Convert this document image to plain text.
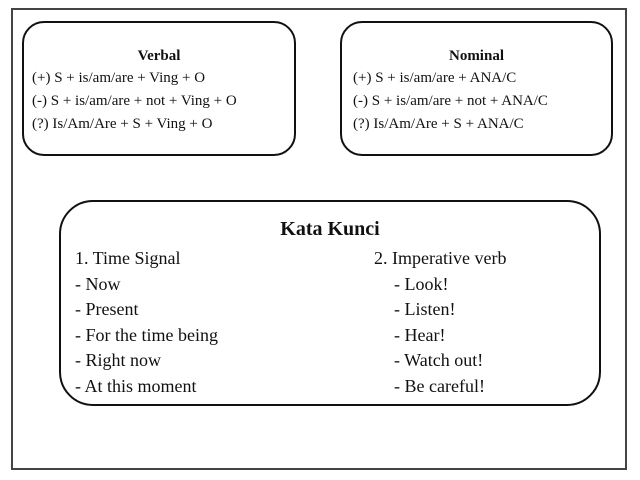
Verbal
(+) S + is/am/are + Ving + O
(-) S + is/am/are + not + Ving + O
(?) Is/Am/Are + S + Ving + O
Nominal
(+) S + is/am/are + ANA/C
(-) S + is/am/are + not + ANA/C
(?) Is/Am/Are + S + ANA/C
Kata Kunci
1. Time Signal
- Now
- Present
- For the time being
- Right now
- At this moment
2. Imperative verb
- Look!
- Listen!
- Hear!
- Watch out!
- Be careful!
